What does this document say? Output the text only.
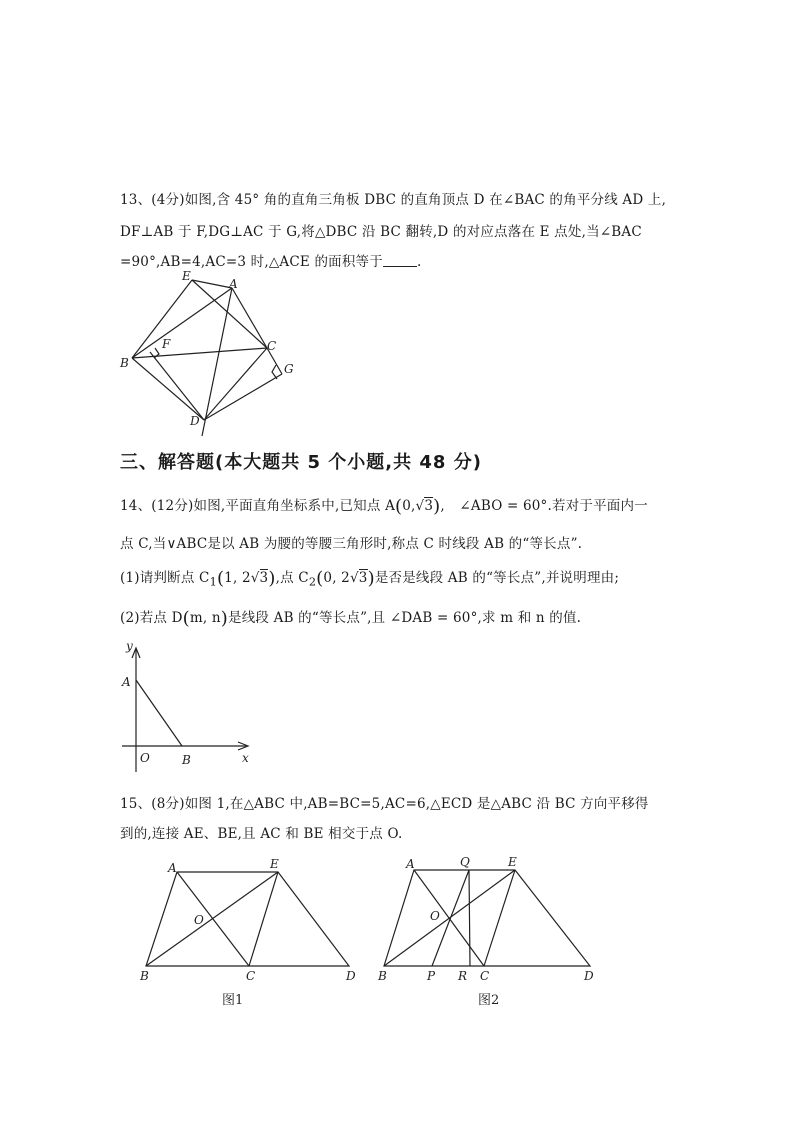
13、(4分)如图,含 45° 角的直角三角板 DBC 的直角顶点 D 在∠BAC 的角平分线 AD 上,
DF⊥AB 于 F,DG⊥AC 于 G,将△DBC 沿 BC 翻转,D 的对应点落在 E 点处,当∠BAC
=90°,AB=4,AC=3 时,△ACE 的面积等于	.
E
A
F
B
C
G
D
三、解答题(本大题共 5 个小题,共 48 分)
14、(12分)如图,平面直角坐标系中,已知点 A(0,√3), ∠ABO = 60°.若对于平面内一
点 C,当∨ABC是以 AB 为腰的等腰三角形时,称点 C 时线段 AB 的“等长点”.
(1)请判断点 $C_1(1$, 2√3),点 $C_2(0$, 2√3)是否是线段 AB 的“等长点”,并说明理由;
(2)若点 D(m, n)是线段 AB 的“等长点”,且 ∠DAB = 60°,求 m 和 n 的值.
y
A
O	B	x
15、(8分)如图 1,在△ABC 中,AB=BC=5,AC=6,△ECD 是△ABC 沿 BC 方向平移得
到的,连接 AE、BE,且 AC 和 BE 相交于点 O.
A	E
O
B	C	D
图1
A	Q	E
O
B	P R C	D
图2
